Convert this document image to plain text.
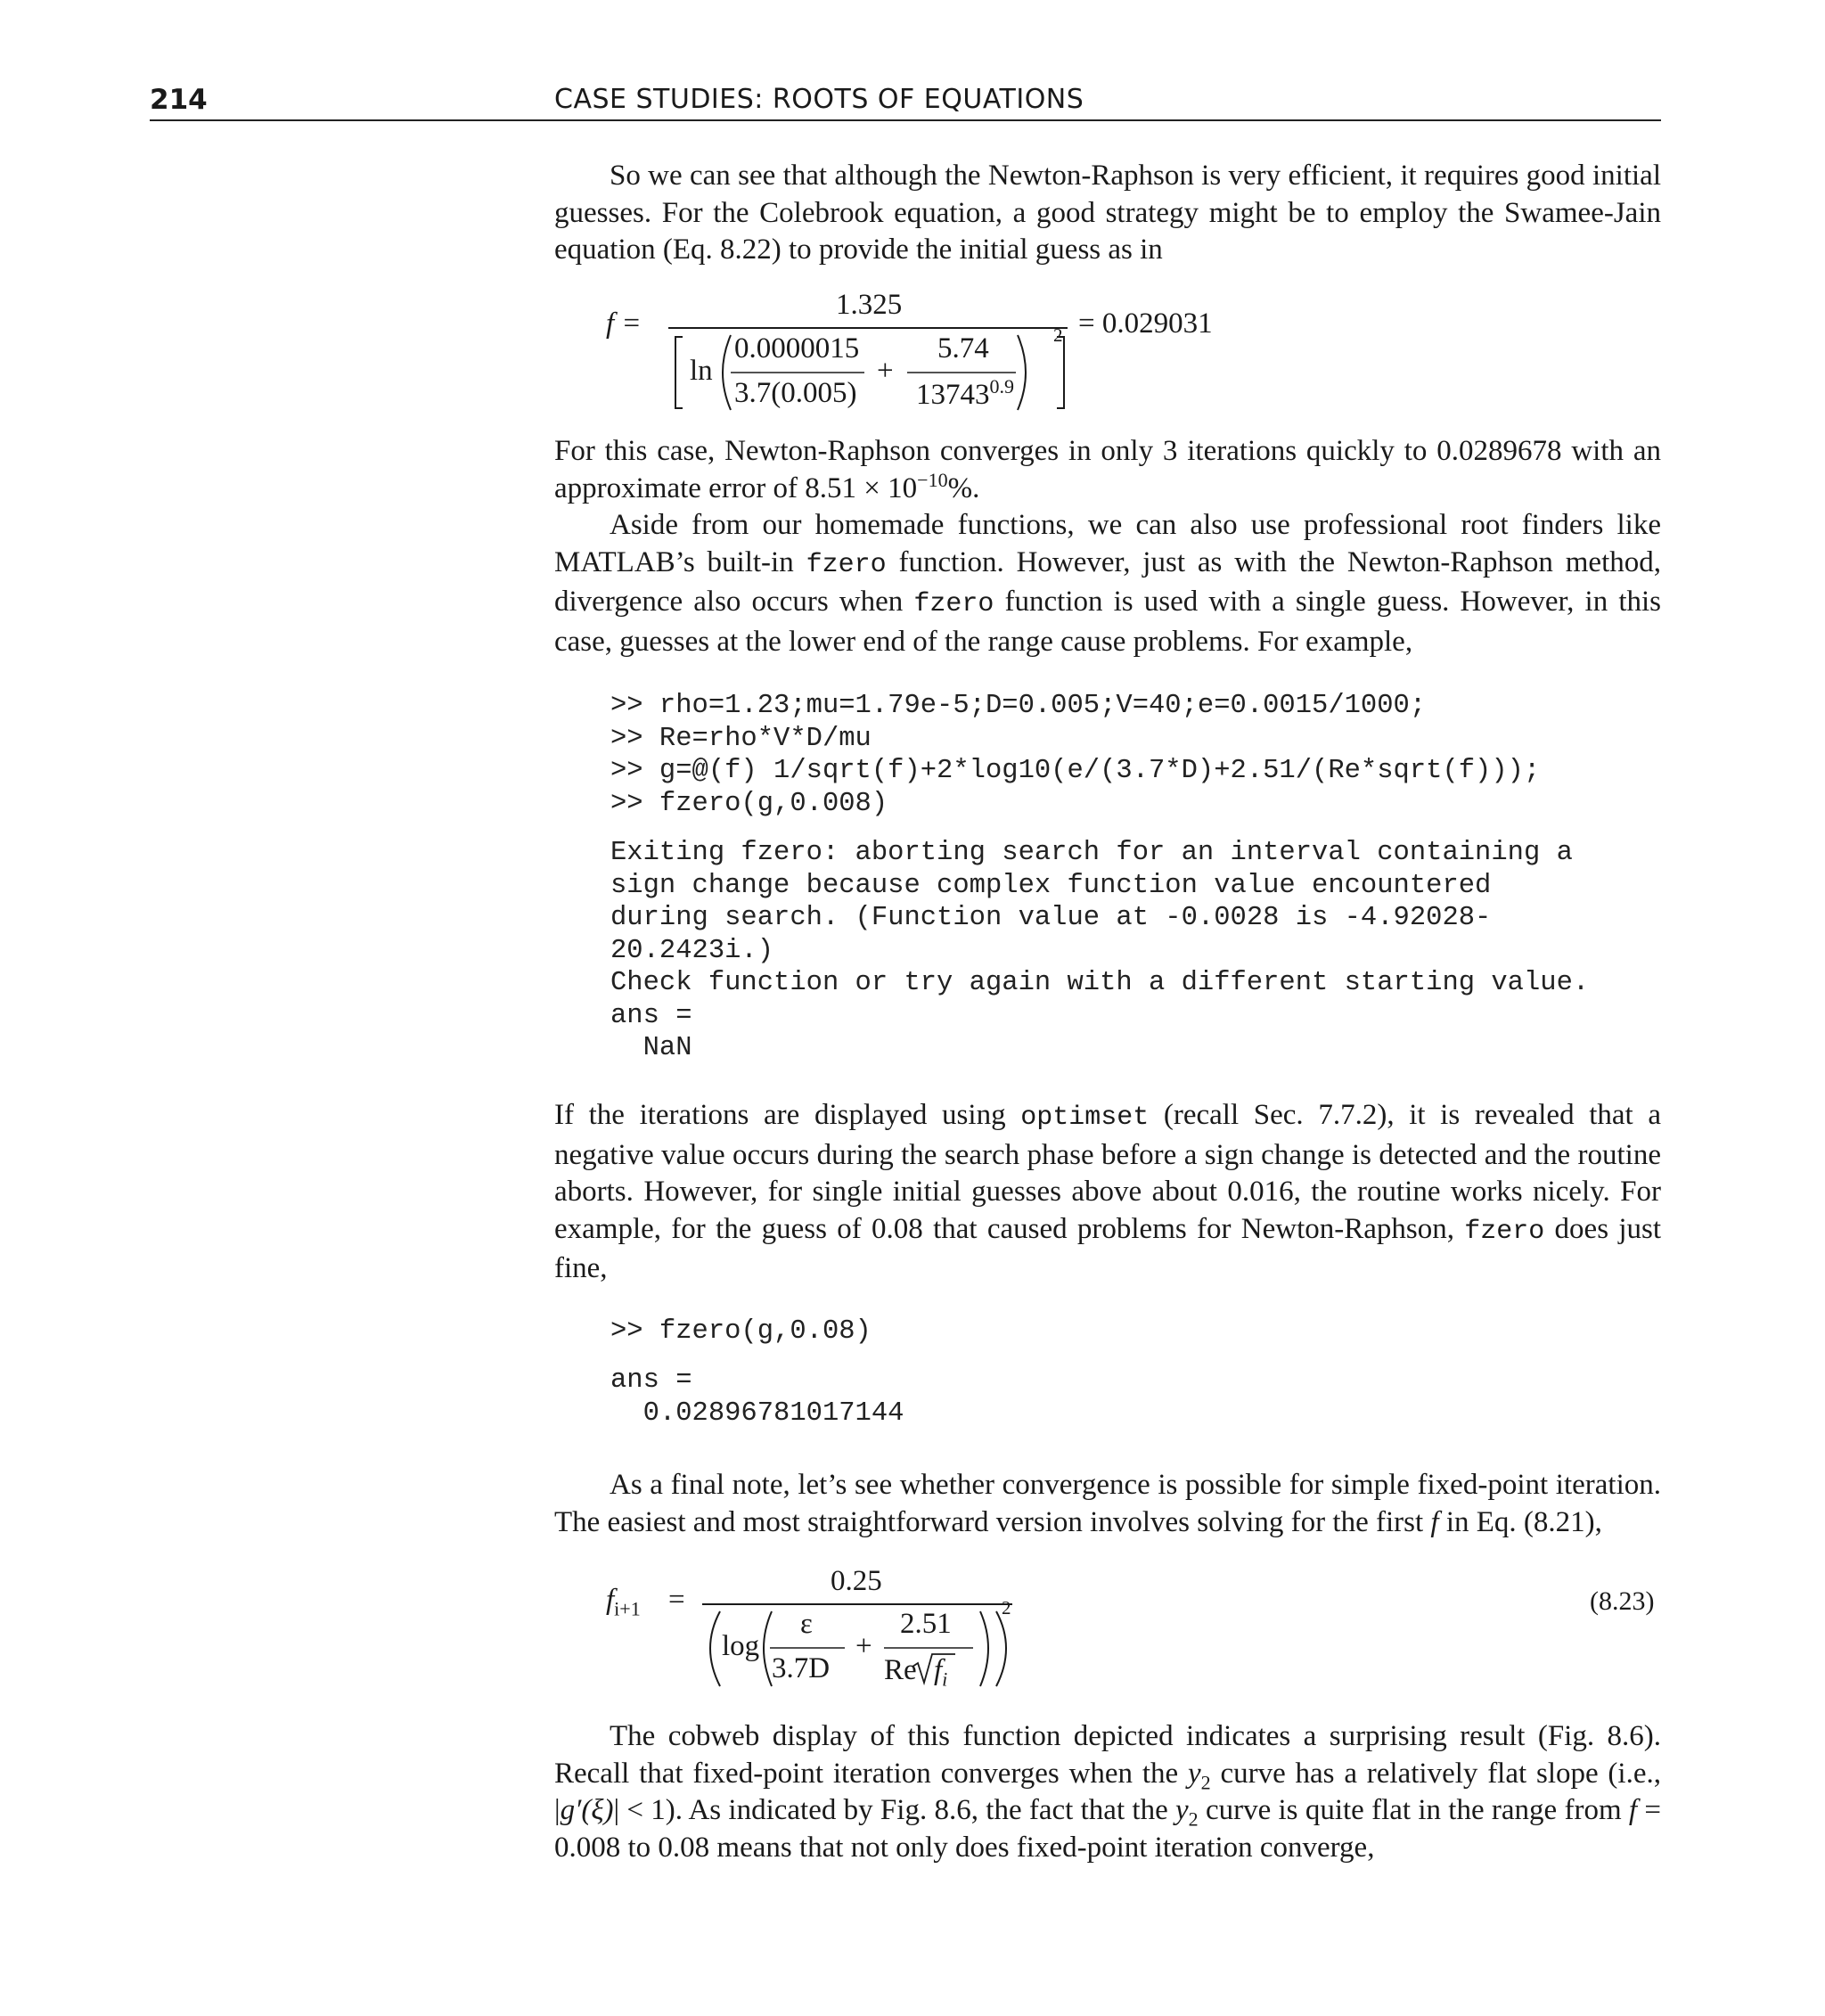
214	CASE STUDIES: ROOTS OF EQUATIONS

So we can see that although the Newton-Raphson is very efficient, it requires good initial guesses. For the Colebrook equation, a good strategy might be to employ the Swamee-Jain equation (Eq. 8.22) to provide the initial guess as in

f =
1.325
ln
0.0000015
3.7(0.005)
+
5.74
$13743^{0.9}$
2 = 0.029031

For this case, Newton-Raphson converges in only 3 iterations quickly to 0.0289678 with an approximate error of $8.51 \times 10^{-10}\%$.

Aside from our homemade functions, we can also use professional root finders like MATLAB’s built-in fzero function. However, just as with the Newton-Raphson method, divergence also occurs when fzero function is used with a single guess. However, in this case, guesses at the lower end of the range cause problems. For example,

>> rho=1.23;mu=1.79e-5;D=0.005;V=40;e=0.0015/1000;
>> Re=rho*V*D/mu
>> g=@(f) 1/sqrt(f)+2*log10(e/(3.7*D)+2.51/(Re*sqrt(f)));
>> fzero(g,0.008)
Exiting fzero: aborting search for an interval containing a
sign change because complex function value encountered
during search. (Function value at -0.0028 is -4.92028-
20.2423i.)
Check function or try again with a different starting value.
ans =
NaN

If the iterations are displayed using optimset (recall Sec. 7.7.2), it is revealed that a negative value occurs during the search phase before a sign change is detected and the routine aborts. However, for single initial guesses above about 0.016, the routine works nicely. For example, for the guess of 0.08 that caused problems for Newton-Raphson, fzero does just fine,

>> fzero(g,0.08)
ans =
0.02896781017144

As a final note, let’s see whether convergence is possible for simple fixed-point iteration. The easiest and most straightforward version involves solving for the first f in Eq. (8.21),

$f_{i+1}$ =
0.25
log
ε
3.7D
+
2.51
Re $f_i$
2	(8.23)

The cobweb display of this function depicted indicates a surprising result (Fig. 8.6). Recall that fixed-point iteration converges when the $y_2$ curve has a relatively flat slope (i.e., |g′(ξ)| < 1). As indicated by Fig. 8.6, the fact that the $y_2$ curve is quite flat in the range from f = 0.008 to 0.08 means that not only does fixed-point iteration converge,
